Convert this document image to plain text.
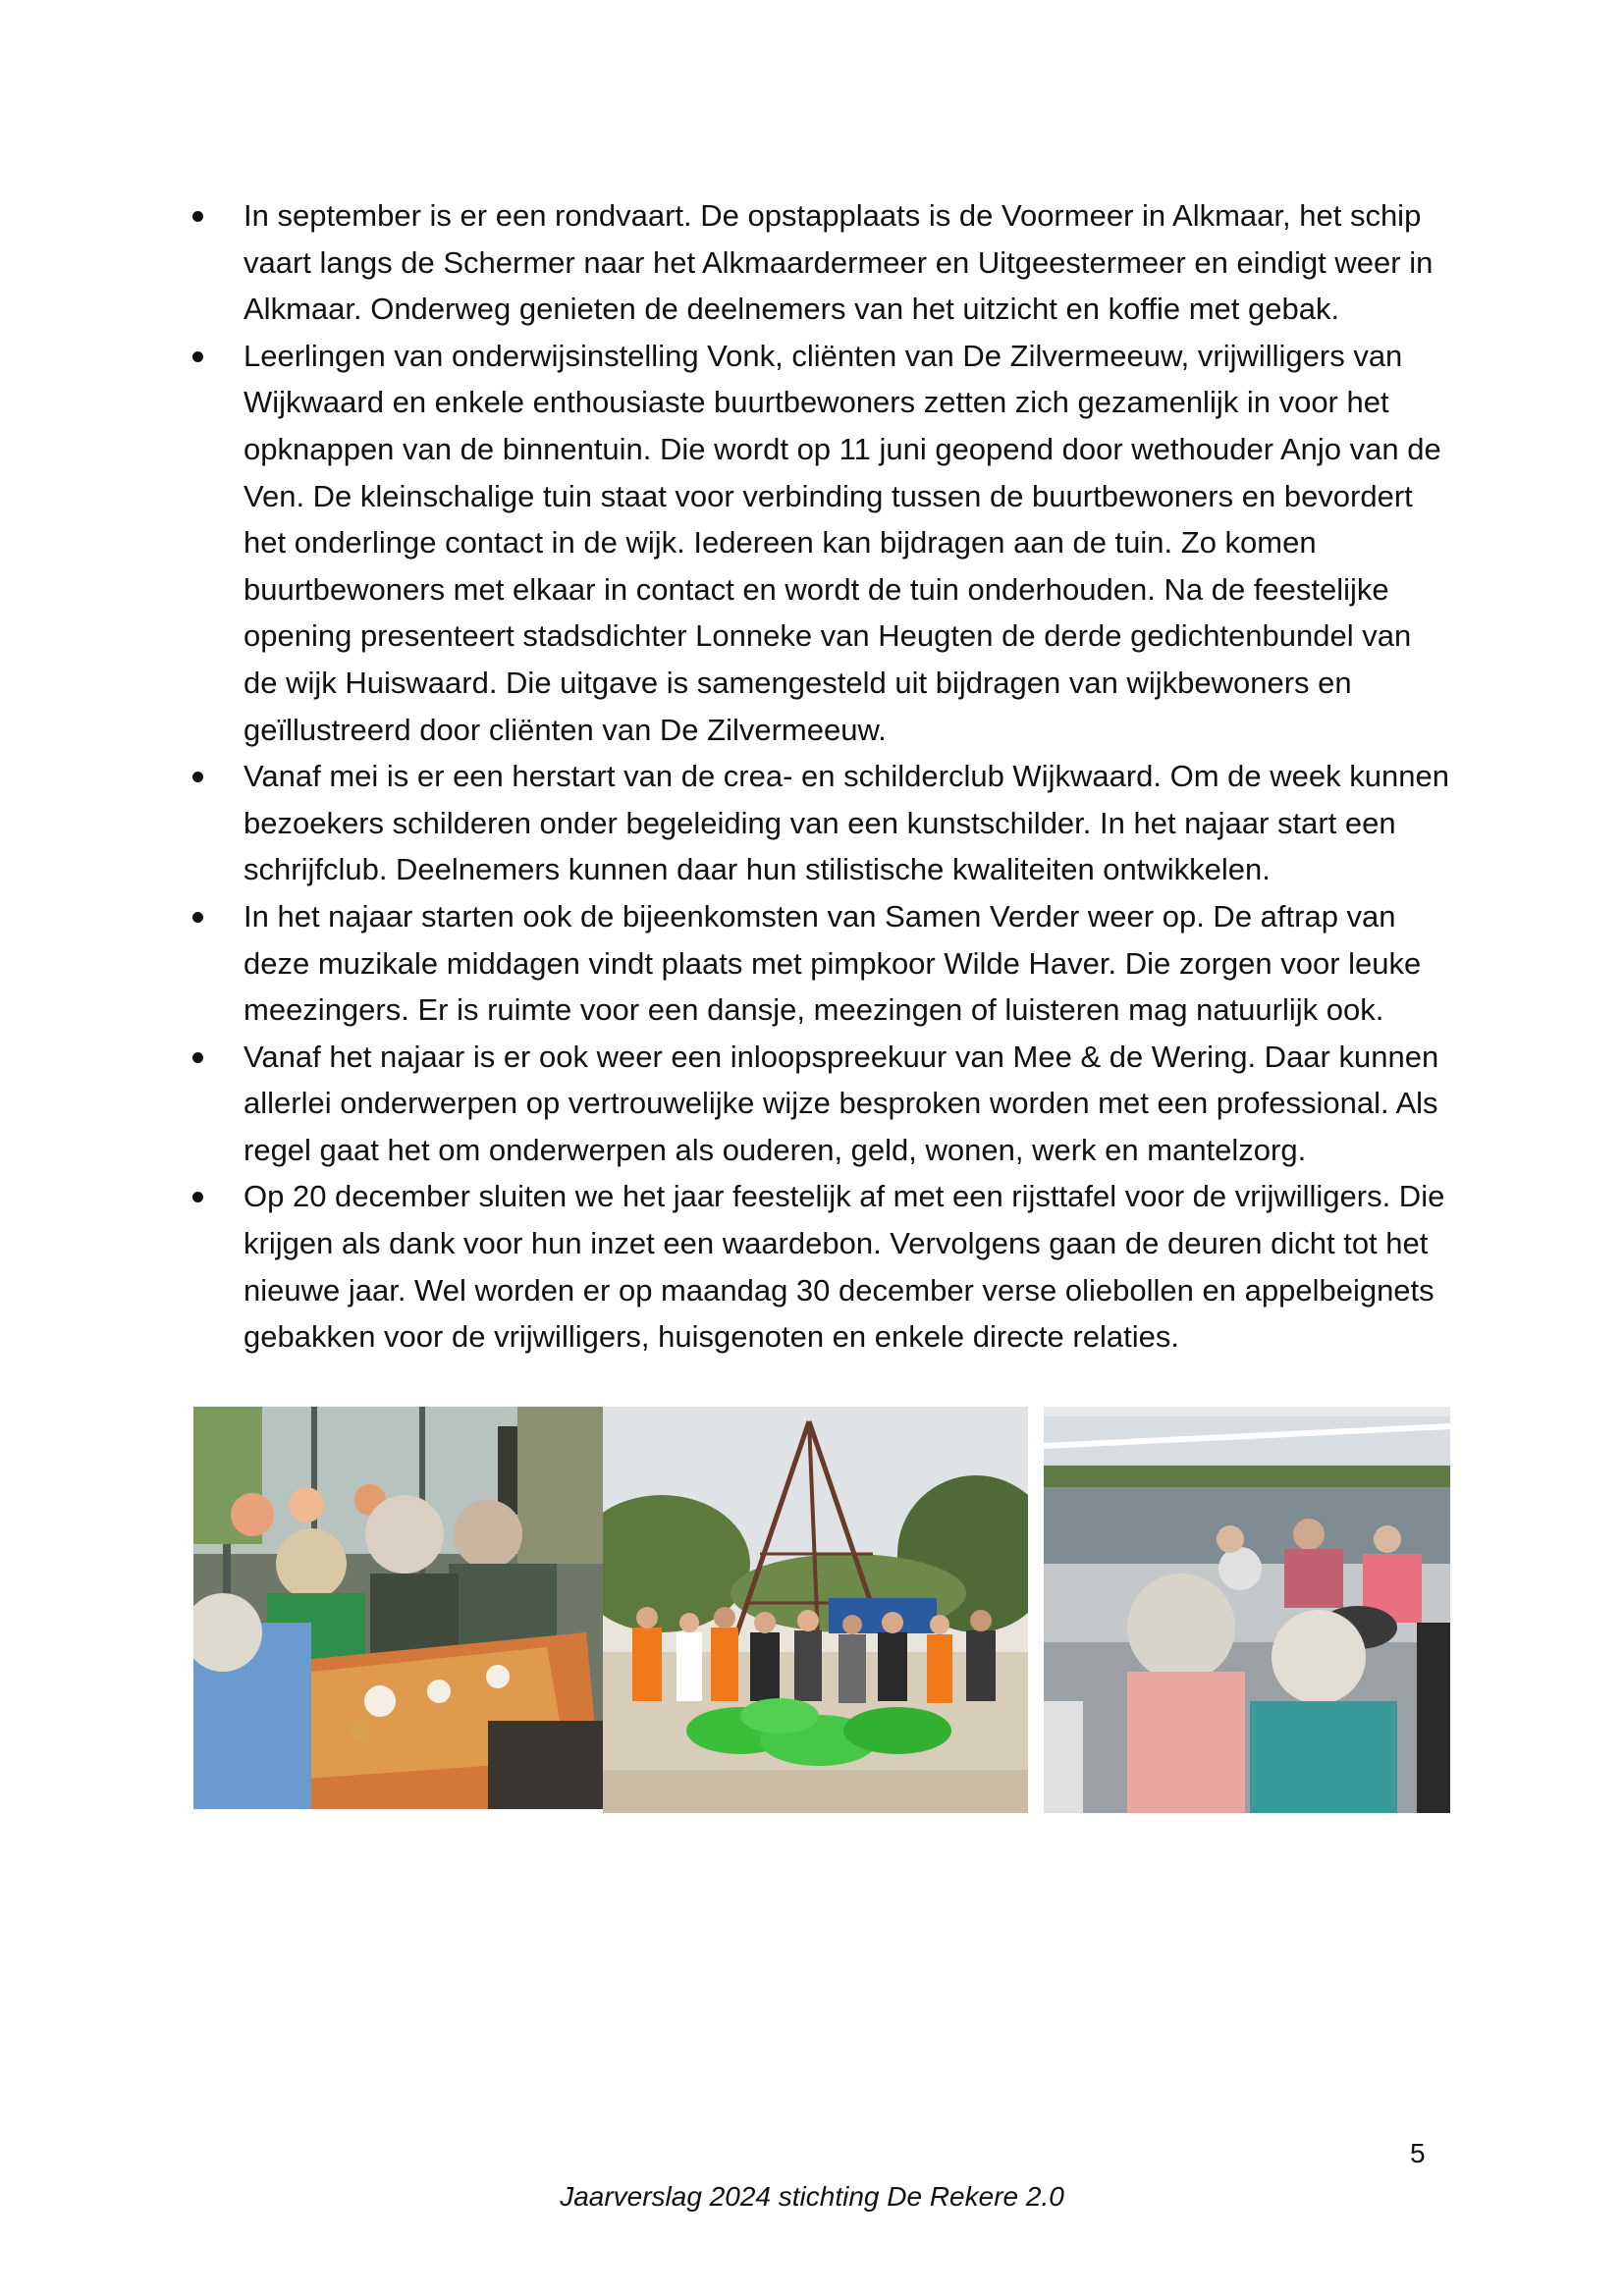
In september is er een rondvaart. De opstapplaats is de Voormeer in Alkmaar, het schip vaart langs de Schermer naar het Alkmaardermeer en Uitgeestermeer en eindigt weer in Alkmaar. Onderweg genieten de deelnemers van het uitzicht en koffie met gebak.
Leerlingen van onderwijsinstelling Vonk, cliënten van De Zilvermeeuw, vrijwilligers van Wijkwaard en enkele enthousiaste buurtbewoners zetten zich gezamenlijk in voor het opknappen van de binnentuin. Die wordt op 11 juni geopend door wethouder Anjo van de Ven. De kleinschalige tuin staat voor verbinding tussen de buurtbewoners en bevordert het onderlinge contact in de wijk. Iedereen kan bijdragen aan de tuin. Zo komen buurtbewoners met elkaar in contact en wordt de tuin onderhouden. Na de feestelijke opening presenteert stadsdichter Lonneke van Heugten de derde gedichtenbundel van de wijk Huiswaard. Die uitgave is samengesteld uit bijdragen van wijkbewoners en geïllustreerd door cliënten van De Zilvermeeuw.
Vanaf mei is er een herstart van de crea- en schilderclub Wijkwaard. Om de week kunnen bezoekers schilderen onder begeleiding van een kunstschilder. In het najaar start een schrijfclub. Deelnemers kunnen daar hun stilistische kwaliteiten ontwikkelen.
In het najaar starten ook de bijeenkomsten van Samen Verder weer op. De aftrap van deze muzikale middagen vindt plaats met pimpkoor Wilde Haver. Die zorgen voor leuke meezingers. Er is ruimte voor een dansje, meezingen of luisteren mag natuurlijk ook.
Vanaf het najaar is er ook weer een inloopspreekuur van Mee & de Wering. Daar kunnen allerlei onderwerpen op vertrouwelijke wijze besproken worden met een professional. Als regel gaat het om onderwerpen als ouderen, geld, wonen, werk en mantelzorg.
Op 20 december sluiten we het jaar feestelijk af met een rijsttafel voor de vrijwilligers. Die krijgen als dank voor hun inzet een waardebon. Vervolgens gaan de deuren dicht tot het nieuwe jaar. Wel worden er op maandag 30 december verse oliebollen en appelbeignets gebakken voor de vrijwilligers, huisgenoten en enkele directe relaties.
5
Jaarverslag 2024 stichting De Rekere 2.0
